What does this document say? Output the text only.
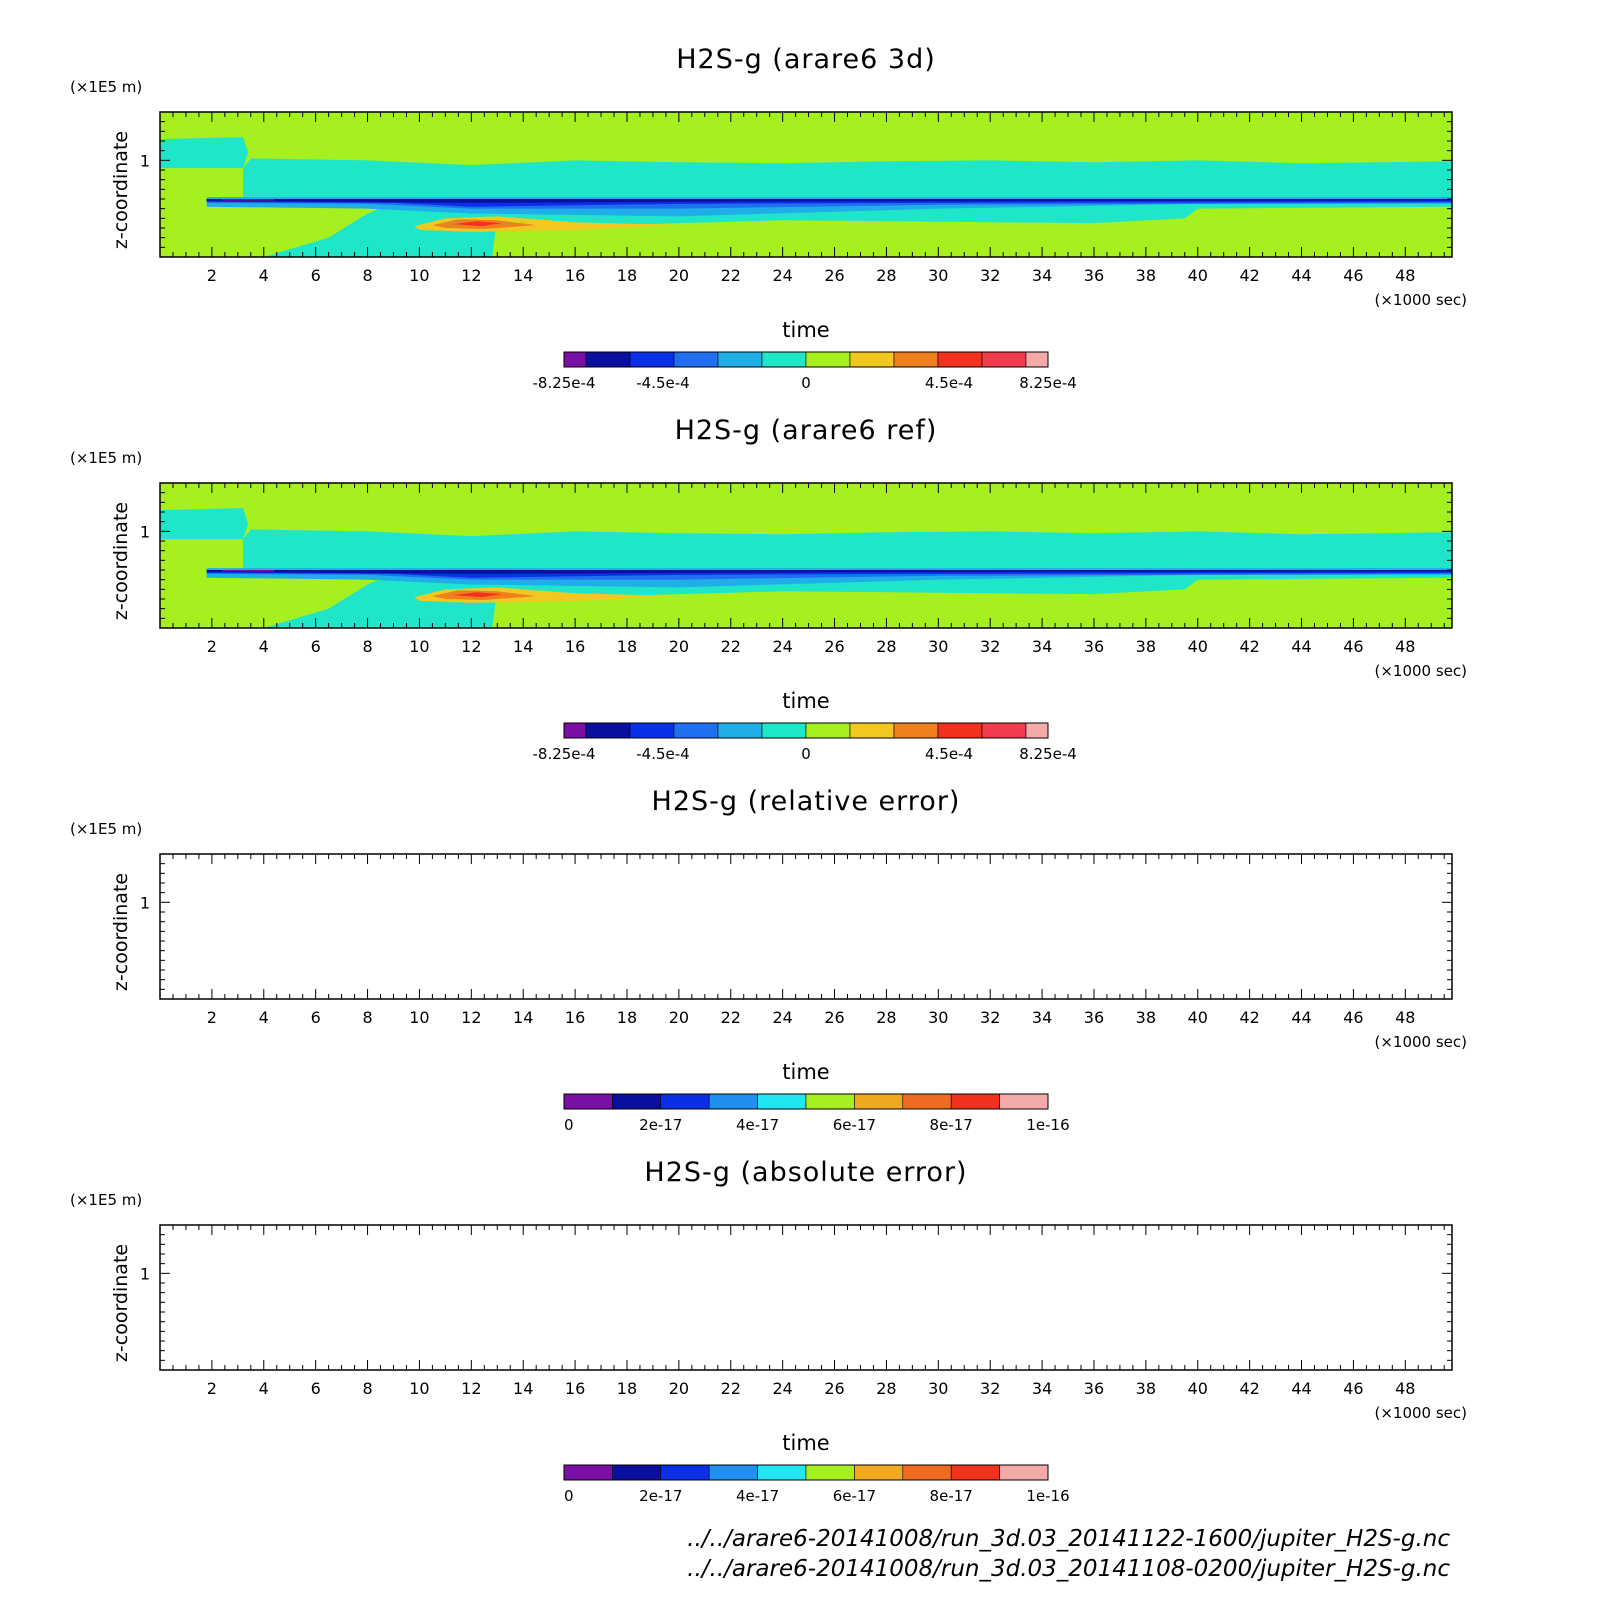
H2S-g (arare6 3d)
(×1E5 m)
2	4	6	8 10 12 14 16 18 20 22 24 26 28 30 32 34 36 38 40 42 44 46 48
1
z-coordinate
(×1000 sec)
time
-8.25e-4	-4.5e-4	0	4.5e-4	8.25e-4
H2S-g (arare6 ref)
(×1E5 m)
2	4	6	8 10 12 14 16 18 20 22 24 26 28 30 32 34 36 38 40 42 44 46 48
1
z-coordinate
(×1000 sec)
time
-8.25e-4	-4.5e-4	0	4.5e-4	8.25e-4
H2S-g (relative error)
(×1E5 m)
2	4	6	8 10 12 14 16 18 20 22 24 26 28 30 32 34 36 38 40 42 44 46 48
1
z-coordinate
(×1000 sec)
time
0	2e-17	4e-17	6e-17	8e-17	1e-16
H2S-g (absolute error)
(×1E5 m)
2	4	6	8 10 12 14 16 18 20 22 24 26 28 30 32 34 36 38 40 42 44 46 48
1
z-coordinate
(×1000 sec)
time
0	2e-17	4e-17	6e-17	8e-17	1e-16
../../arare6-20141008/run_3d.03_20141122-1600/jupiter_H2S-g.nc
../../arare6-20141008/run_3d.03_20141108-0200/jupiter_H2S-g.nc
